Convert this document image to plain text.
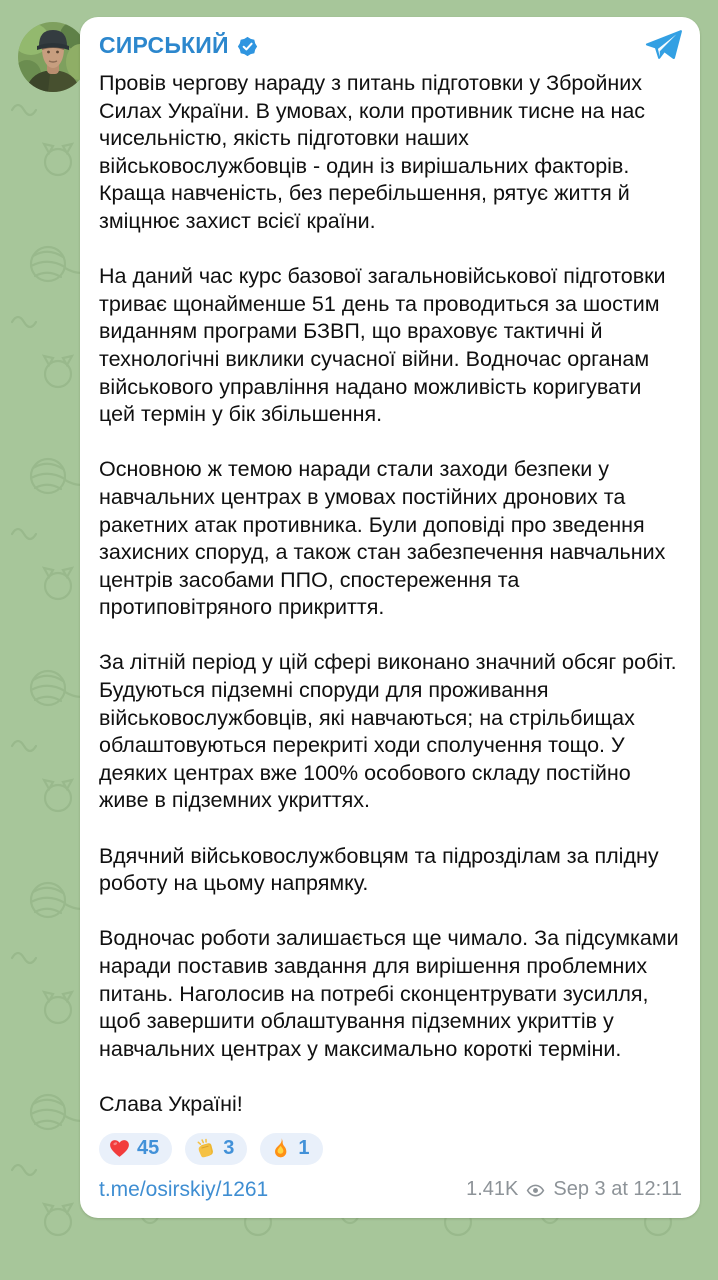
СИРСЬКИЙ

Провів чергову нараду з питань підготовки у Збройних Силах України. В умовах, коли противник тисне на нас чисельністю, якість підготовки наших військовослужбовців - один із вирішальних факторів. Краща навченість, без перебільшення, рятує життя й зміцнює захист всієї країни.

На даний час курс базової загальновійськової підготовки триває щонайменше 51 день та проводиться за шостим виданням програми БЗВП, що враховує тактичні й технологічні виклики сучасної війни. Водночас органам військового управління надано можливість коригувати цей термін у бік збільшення.

Основною ж темою наради стали заходи безпеки у навчальних центрах в умовах постійних дронових та ракетних атак противника. Були доповіді про зведення захисних споруд, а також стан забезпечення навчальних центрів засобами ППО, спостереження та протиповітряного прикриття.

За літній період у цій сфері виконано значний обсяг робіт. Будуються підземні споруди для проживання військовослужбовців, які навчаються; на стрільбищах облаштовуються перекриті ходи сполучення тощо. У деяких центрах вже 100% особового складу постійно живе в підземних укриттях.

Вдячний військовослужбовцям та підрозділам за плідну роботу на цьому напрямку.

Водночас роботи залишається ще чимало. За підсумками наради поставив завдання для вирішення проблемних питань. Наголосив на потребі сконцентрувати зусилля, щоб завершити облаштування підземних укриттів у навчальних центрах у максимально короткі терміни.

Слава Україні!

45	3	1
t.me/osirskiy/1261	1.41K Sep 3 at 12:11
